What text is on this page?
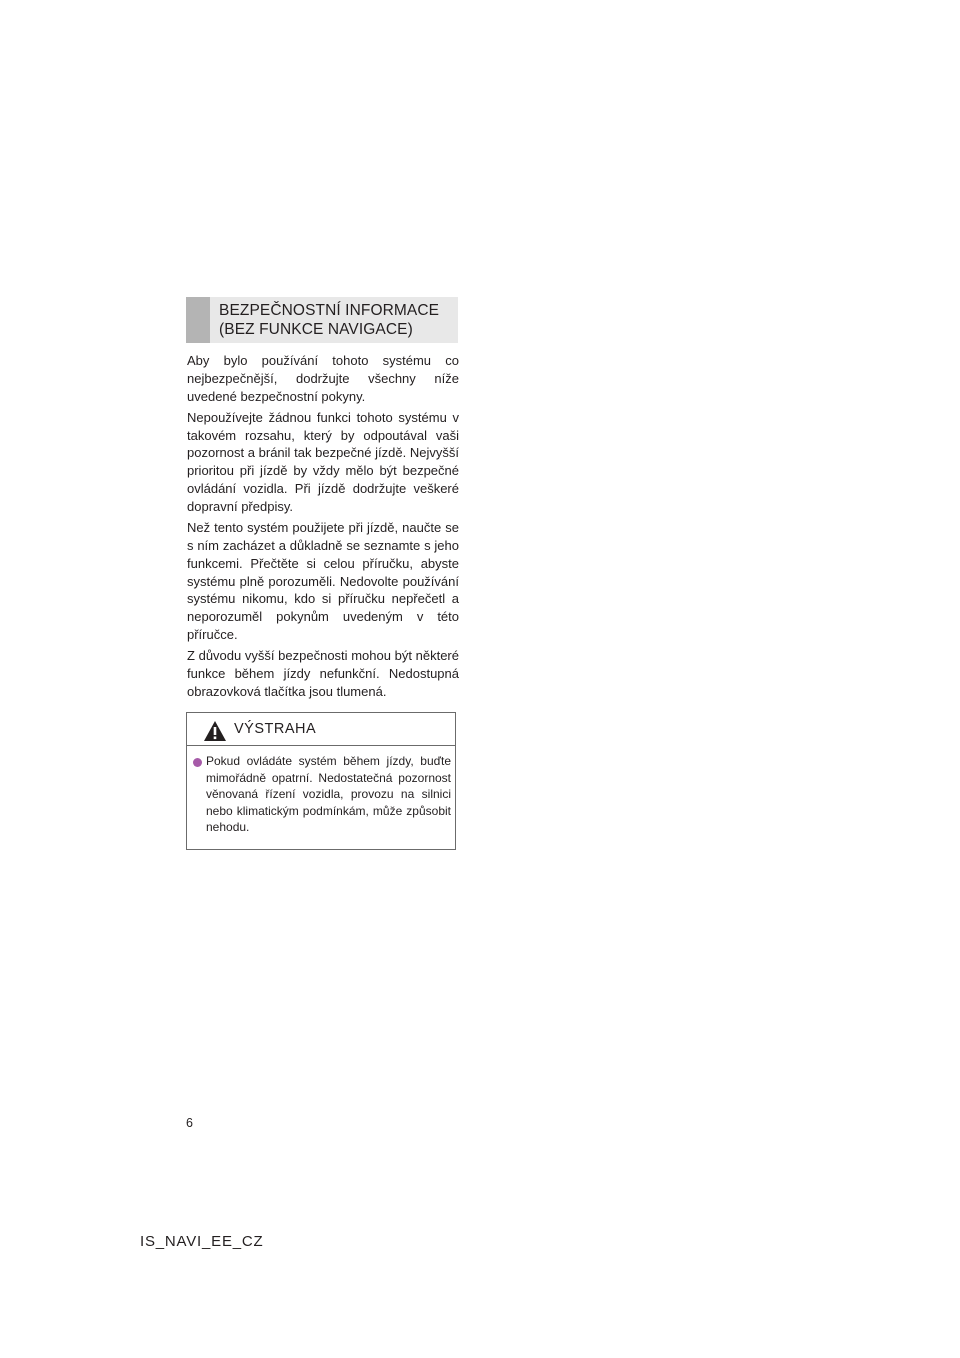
BEZPEČNOSTNÍ INFORMACE
(BEZ FUNKCE NAVIGACE)

Aby bylo používání tohoto systému co nejbezpečnější, dodržujte všechny níže uvedené bezpečnostní pokyny.

Nepoužívejte žádnou funkci tohoto systému v takovém rozsahu, který by odpoutával vaši pozornost a bránil tak bezpečné jízdě. Nejvyšší prioritou při jízdě by vždy mělo být bezpečné ovládání vozidla. Při jízdě dodržujte veškeré dopravní předpisy.

Než tento systém použijete při jízdě, naučte se s ním zacházet a důkladně se seznamte s jeho funkcemi. Přečtěte si celou příručku, abyste systému plně porozuměli. Nedovolte používání systému nikomu, kdo si příručku nepřečetl a neporozuměl pokynům uvedeným v této příručce.

Z důvodu vyšší bezpečnosti mohou být některé funkce během jízdy nefunkční. Nedostupná obrazovková tlačítka jsou tlumená.

VÝSTRAHA

Pokud ovládáte systém během jízdy, buďte mimořádně opatrní. Nedostatečná pozornost věnovaná řízení vozidla, provozu na silnici nebo klimatickým podmínkám, může způsobit nehodu.

6
IS_NAVI_EE_CZ
